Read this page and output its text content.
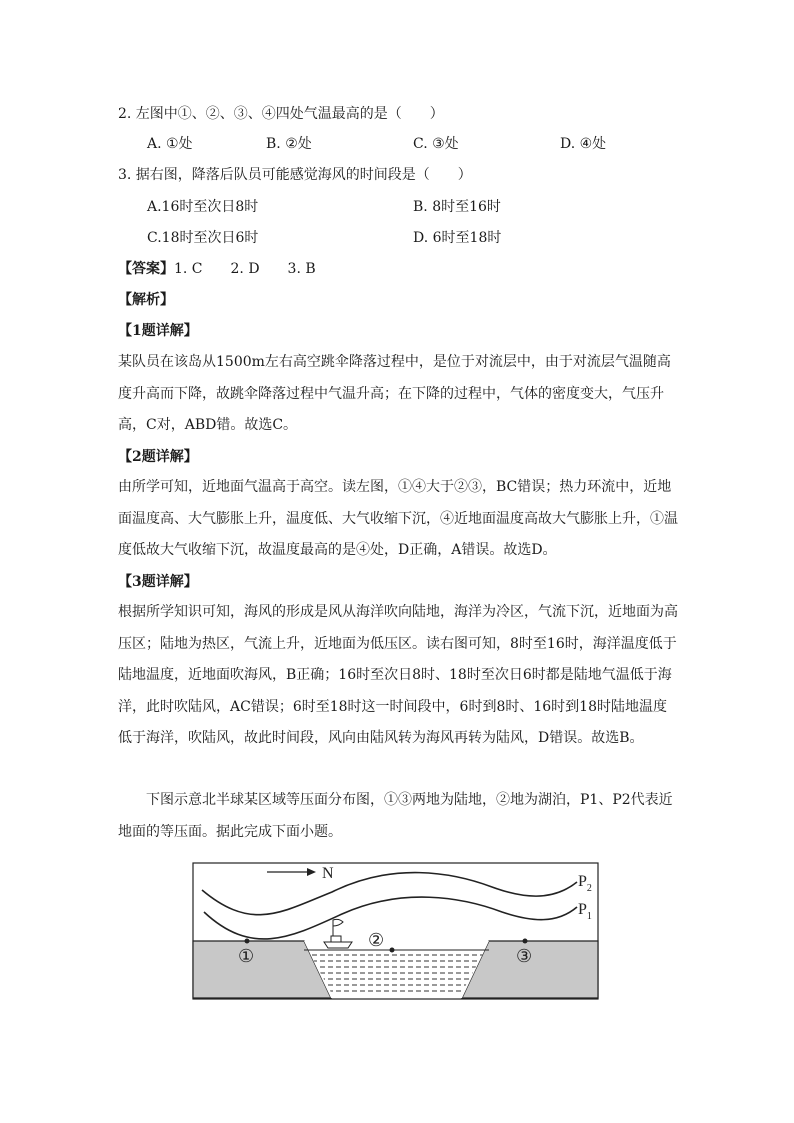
2. 左图中①、②、③、④四处气温最高的是（　　）
A. ①处	B. ②处	C. ③处	D. ④处
3. 据右图，降落后队员可能感觉海风的时间段是（　　）
A.16时至次日8时	B. 8时至16时
C.18时至次日6时	D. 6时至18时
【答案】1. C　　2. D　　3. B
【解析】
【1题详解】
某队员在该岛从1500m左右高空跳伞降落过程中，是位于对流层中，由于对流层气温随高度升高而下降，故跳伞降落过程中气温升高；在下降的过程中，气体的密度变大，气压升高，C对，ABD错。故选C。
【2题详解】
由所学可知，近地面气温高于高空。读左图，①④大于②③，BC错误；热力环流中，近地面温度高、大气膨胀上升，温度低、大气收缩下沉，④近地面温度高故大气膨胀上升，①温度低故大气收缩下沉，故温度最高的是④处，D正确，A错误。故选D。
【3题详解】
根据所学知识可知，海风的形成是风从海洋吹向陆地，海洋为冷区，气流下沉，近地面为高压区；陆地为热区，气流上升，近地面为低压区。读右图可知，8时至16时，海洋温度低于陆地温度，近地面吹海风，B正确；16时至次日8时、18时至次日6时都是陆地气温低于海洋，此时吹陆风，AC错误；6时至18时这一时间段中，6时到8时、16时到18时陆地温度低于海洋，吹陆风，故此时间段，风向由陆风转为海风再转为陆风，D错误。故选B。
下图示意北半球某区域等压面分布图，①③两地为陆地，②地为湖泊，P1、P2代表近地面的等压面。据此完成下面小题。
N	$P_2$
$P_1$
①
②
③
